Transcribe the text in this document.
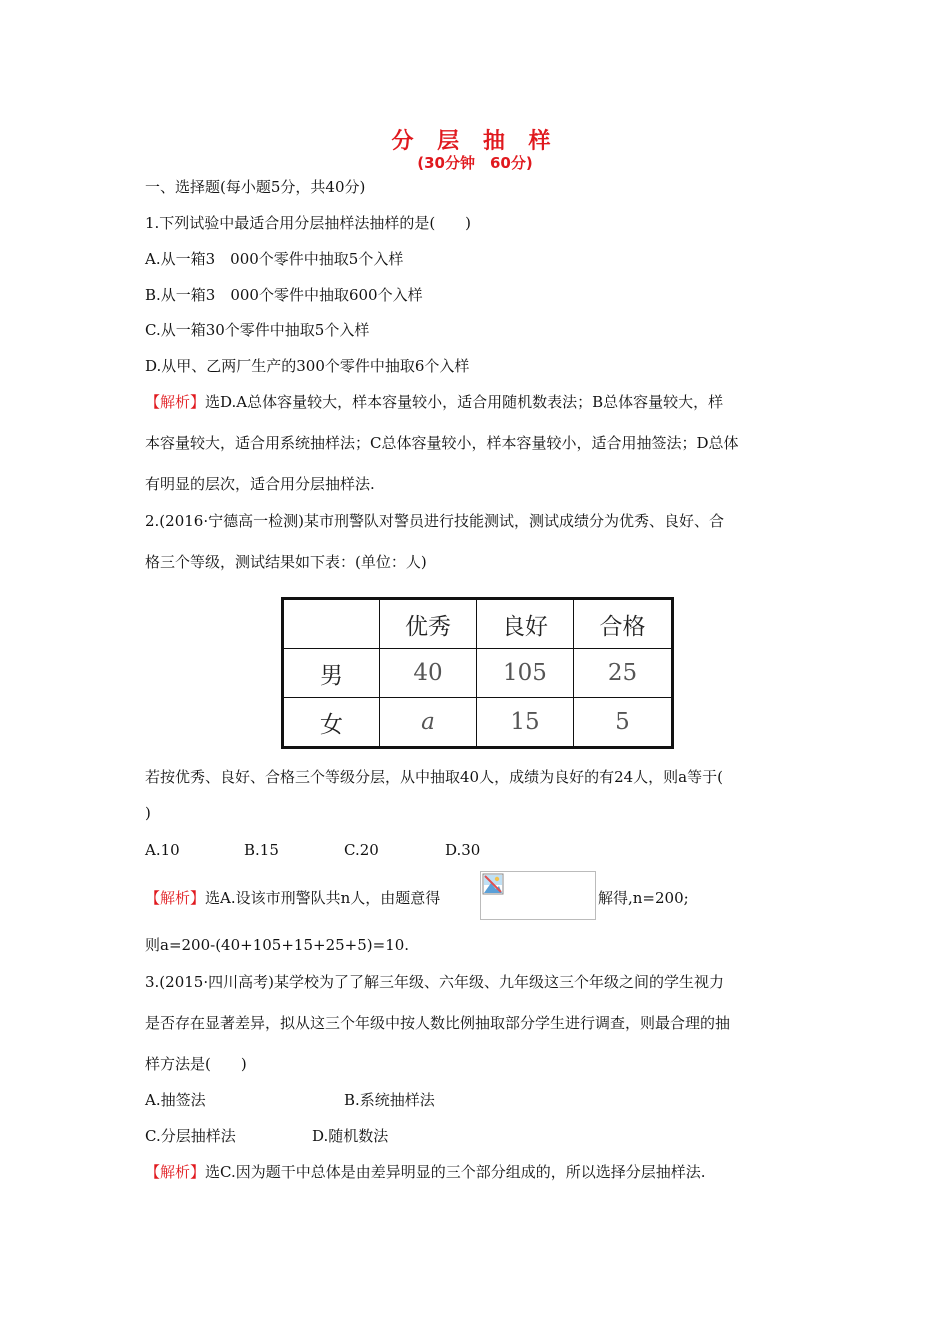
分 层 抽 样
(30分钟　60分)
一、选择题(每小题5分，共40分)
1.下列试验中最适合用分层抽样法抽样的是(　　)
A.从一箱3　000个零件中抽取5个入样
B.从一箱3　000个零件中抽取600个入样
C.从一箱30个零件中抽取5个入样
D.从甲、乙两厂生产的300个零件中抽取6个入样
【解析】选D.A总体容量较大，样本容量较小，适合用随机数表法；B总体容量较大，样
本容量较大，适合用系统抽样法；C总体容量较小，样本容量较小，适合用抽签法；D总体
有明显的层次，适合用分层抽样法.
2.(2016·宁德高一检测)某市刑警队对警员进行技能测试，测试成绩分为优秀、良好、合
格三个等级，测试结果如下表：(单位：人)
	优秀	良好	合格
男	40	105	25
女	a	15	5
若按优秀、良好、合格三个等级分层，从中抽取40人，成绩为良好的有24人，则a等于(
)
A.10	B.15	C.20	D.30
【解析】选A.设该市刑警队共n人，由题意得	解得,n=200;
则a=200-(40+105+15+25+5)=10.
3.(2015·四川高考)某学校为了了解三年级、六年级、九年级这三个年级之间的学生视力
是否存在显著差异，拟从这三个年级中按人数比例抽取部分学生进行调查，则最合理的抽
样方法是(　　)
A.抽签法	B.系统抽样法
C.分层抽样法	D.随机数法
【解析】选C.因为题干中总体是由差异明显的三个部分组成的，所以选择分层抽样法.
